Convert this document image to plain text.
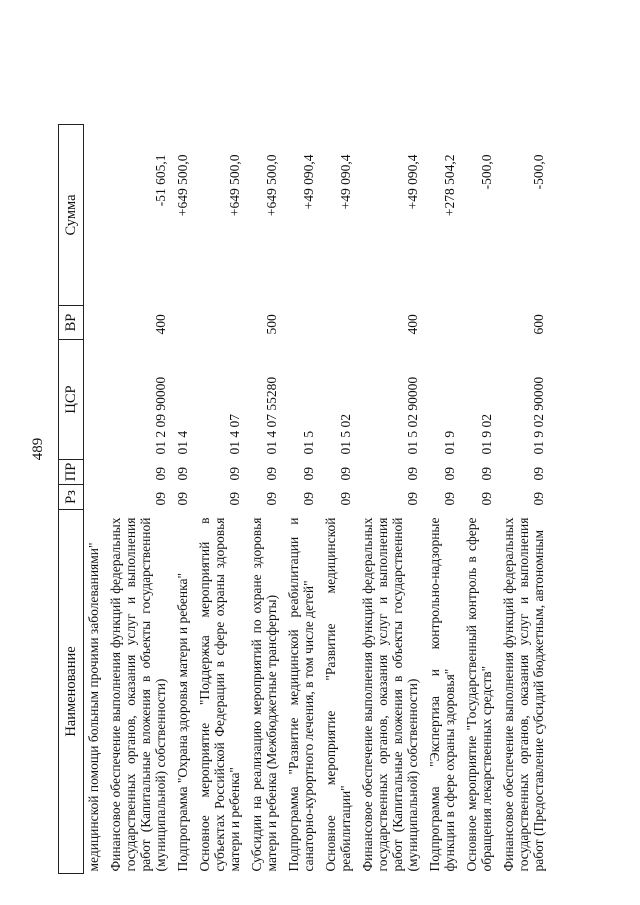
489
Наименование	Рз	ПР	ЦСР	ВР	Сумма
медицинской помощи больным прочими заболеваниями"					
Финансовое обеспечение выполнения функций федеральных государственных органов, оказания услуг и выполнения работ (Капитальные вложения в объекты государственной (муниципальной) собственности)	09	09	01 2 09 90000	400	-51 605,1
Подпрограмма "Охрана здоровья матери и ребенка"	09	09	01 4		+649 500,0
Основное мероприятие "Поддержка мероприятий в субъектах Российской Федерации в сфере охраны здоровья матери и ребенка"	09	09	01 4 07		+649 500,0
Субсидии на реализацию мероприятий по охране здоровья матери и ребенка (Межбюджетные трансферты)	09	09	01 4 07 55280	500	+649 500,0
Подпрограмма "Развитие медицинской реабилитации и санаторно-курортного лечения, в том числе детей"	09	09	01 5		+49 090,4
Основное мероприятие "Развитие медицинской реабилитации"	09	09	01 5 02		+49 090,4
Финансовое обеспечение выполнения функций федеральных государственных органов, оказания услуг и выполнения работ (Капитальные вложения в объекты государственной (муниципальной) собственности)	09	09	01 5 02 90000	400	+49 090,4
Подпрограмма "Экспертиза и контрольно-надзорные функции в сфере охраны здоровья"	09	09	01 9		+278 504,2
Основное мероприятие "Государственный контроль в сфере обращения лекарственных средств"	09	09	01 9 02		-500,0
Финансовое обеспечение выполнения функций федеральных государственных органов, оказания услуг и выполнения работ (Предоставление субсидий бюджетным, автономным	09	09	01 9 02 90000	600	-500,0
